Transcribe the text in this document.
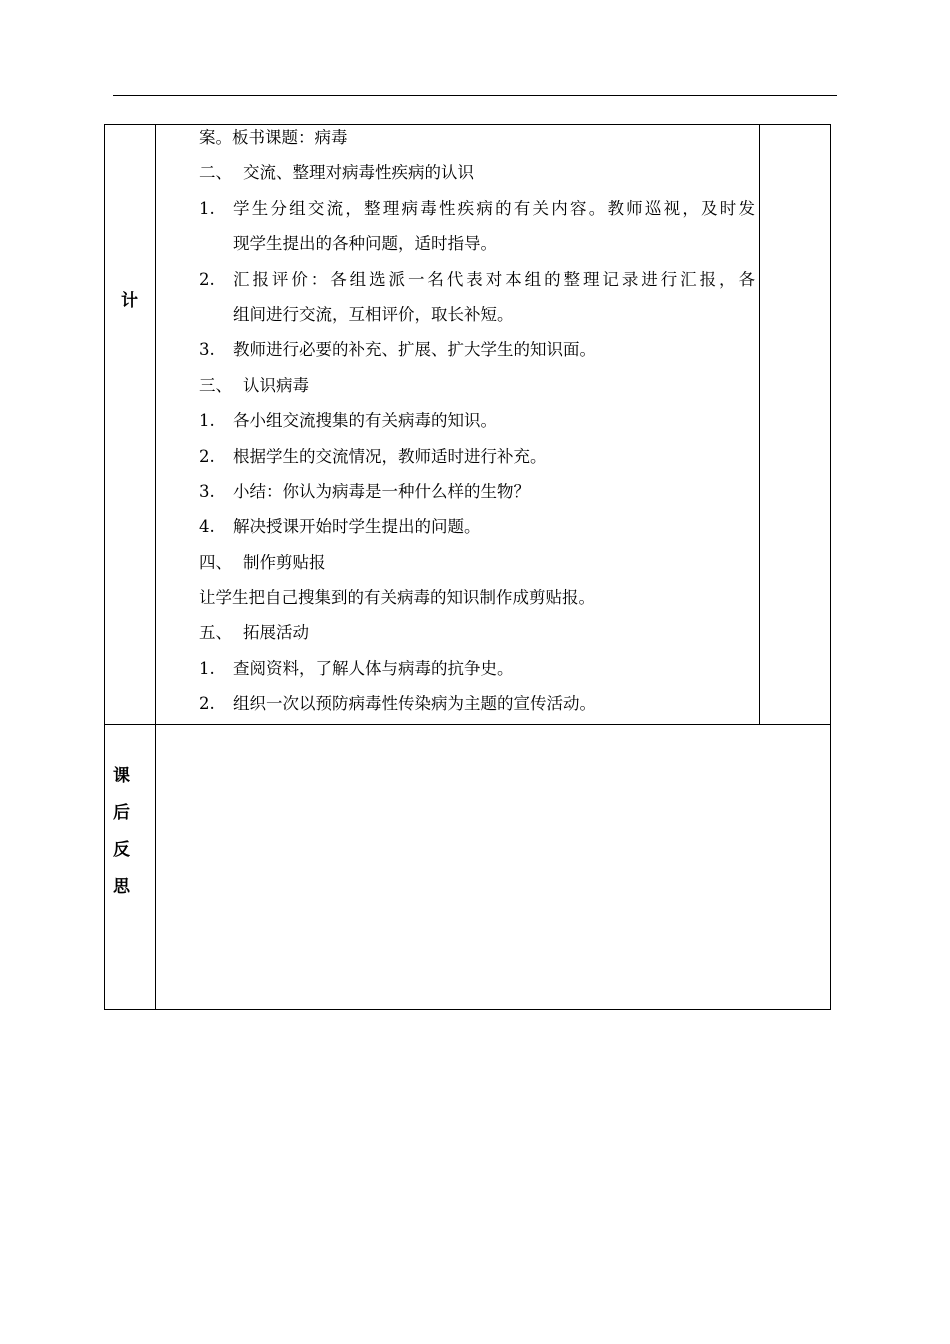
计
课
后
反
思
案。板书课题：病毒
二、 交流、整理对病毒性疾病的认识
1.	学生分组交流，整理病毒性疾病的有关内容。教师巡视，及时发
现学生提出的各种问题，适时指导。
2.	汇报评价：各组选派一名代表对本组的整理记录进行汇报，各
组间进行交流，互相评价，取长补短。
3. 教师进行必要的补充、扩展、扩大学生的知识面。
三、 认识病毒
1. 各小组交流搜集的有关病毒的知识。
2. 根据学生的交流情况，教师适时进行补充。
3. 小结：你认为病毒是一种什么样的生物？
4. 解决授课开始时学生提出的问题。
四、 制作剪贴报
让学生把自己搜集到的有关病毒的知识制作成剪贴报。
五、 拓展活动
1. 查阅资料，了解人体与病毒的抗争史。
2. 组织一次以预防病毒性传染病为主题的宣传活动。
